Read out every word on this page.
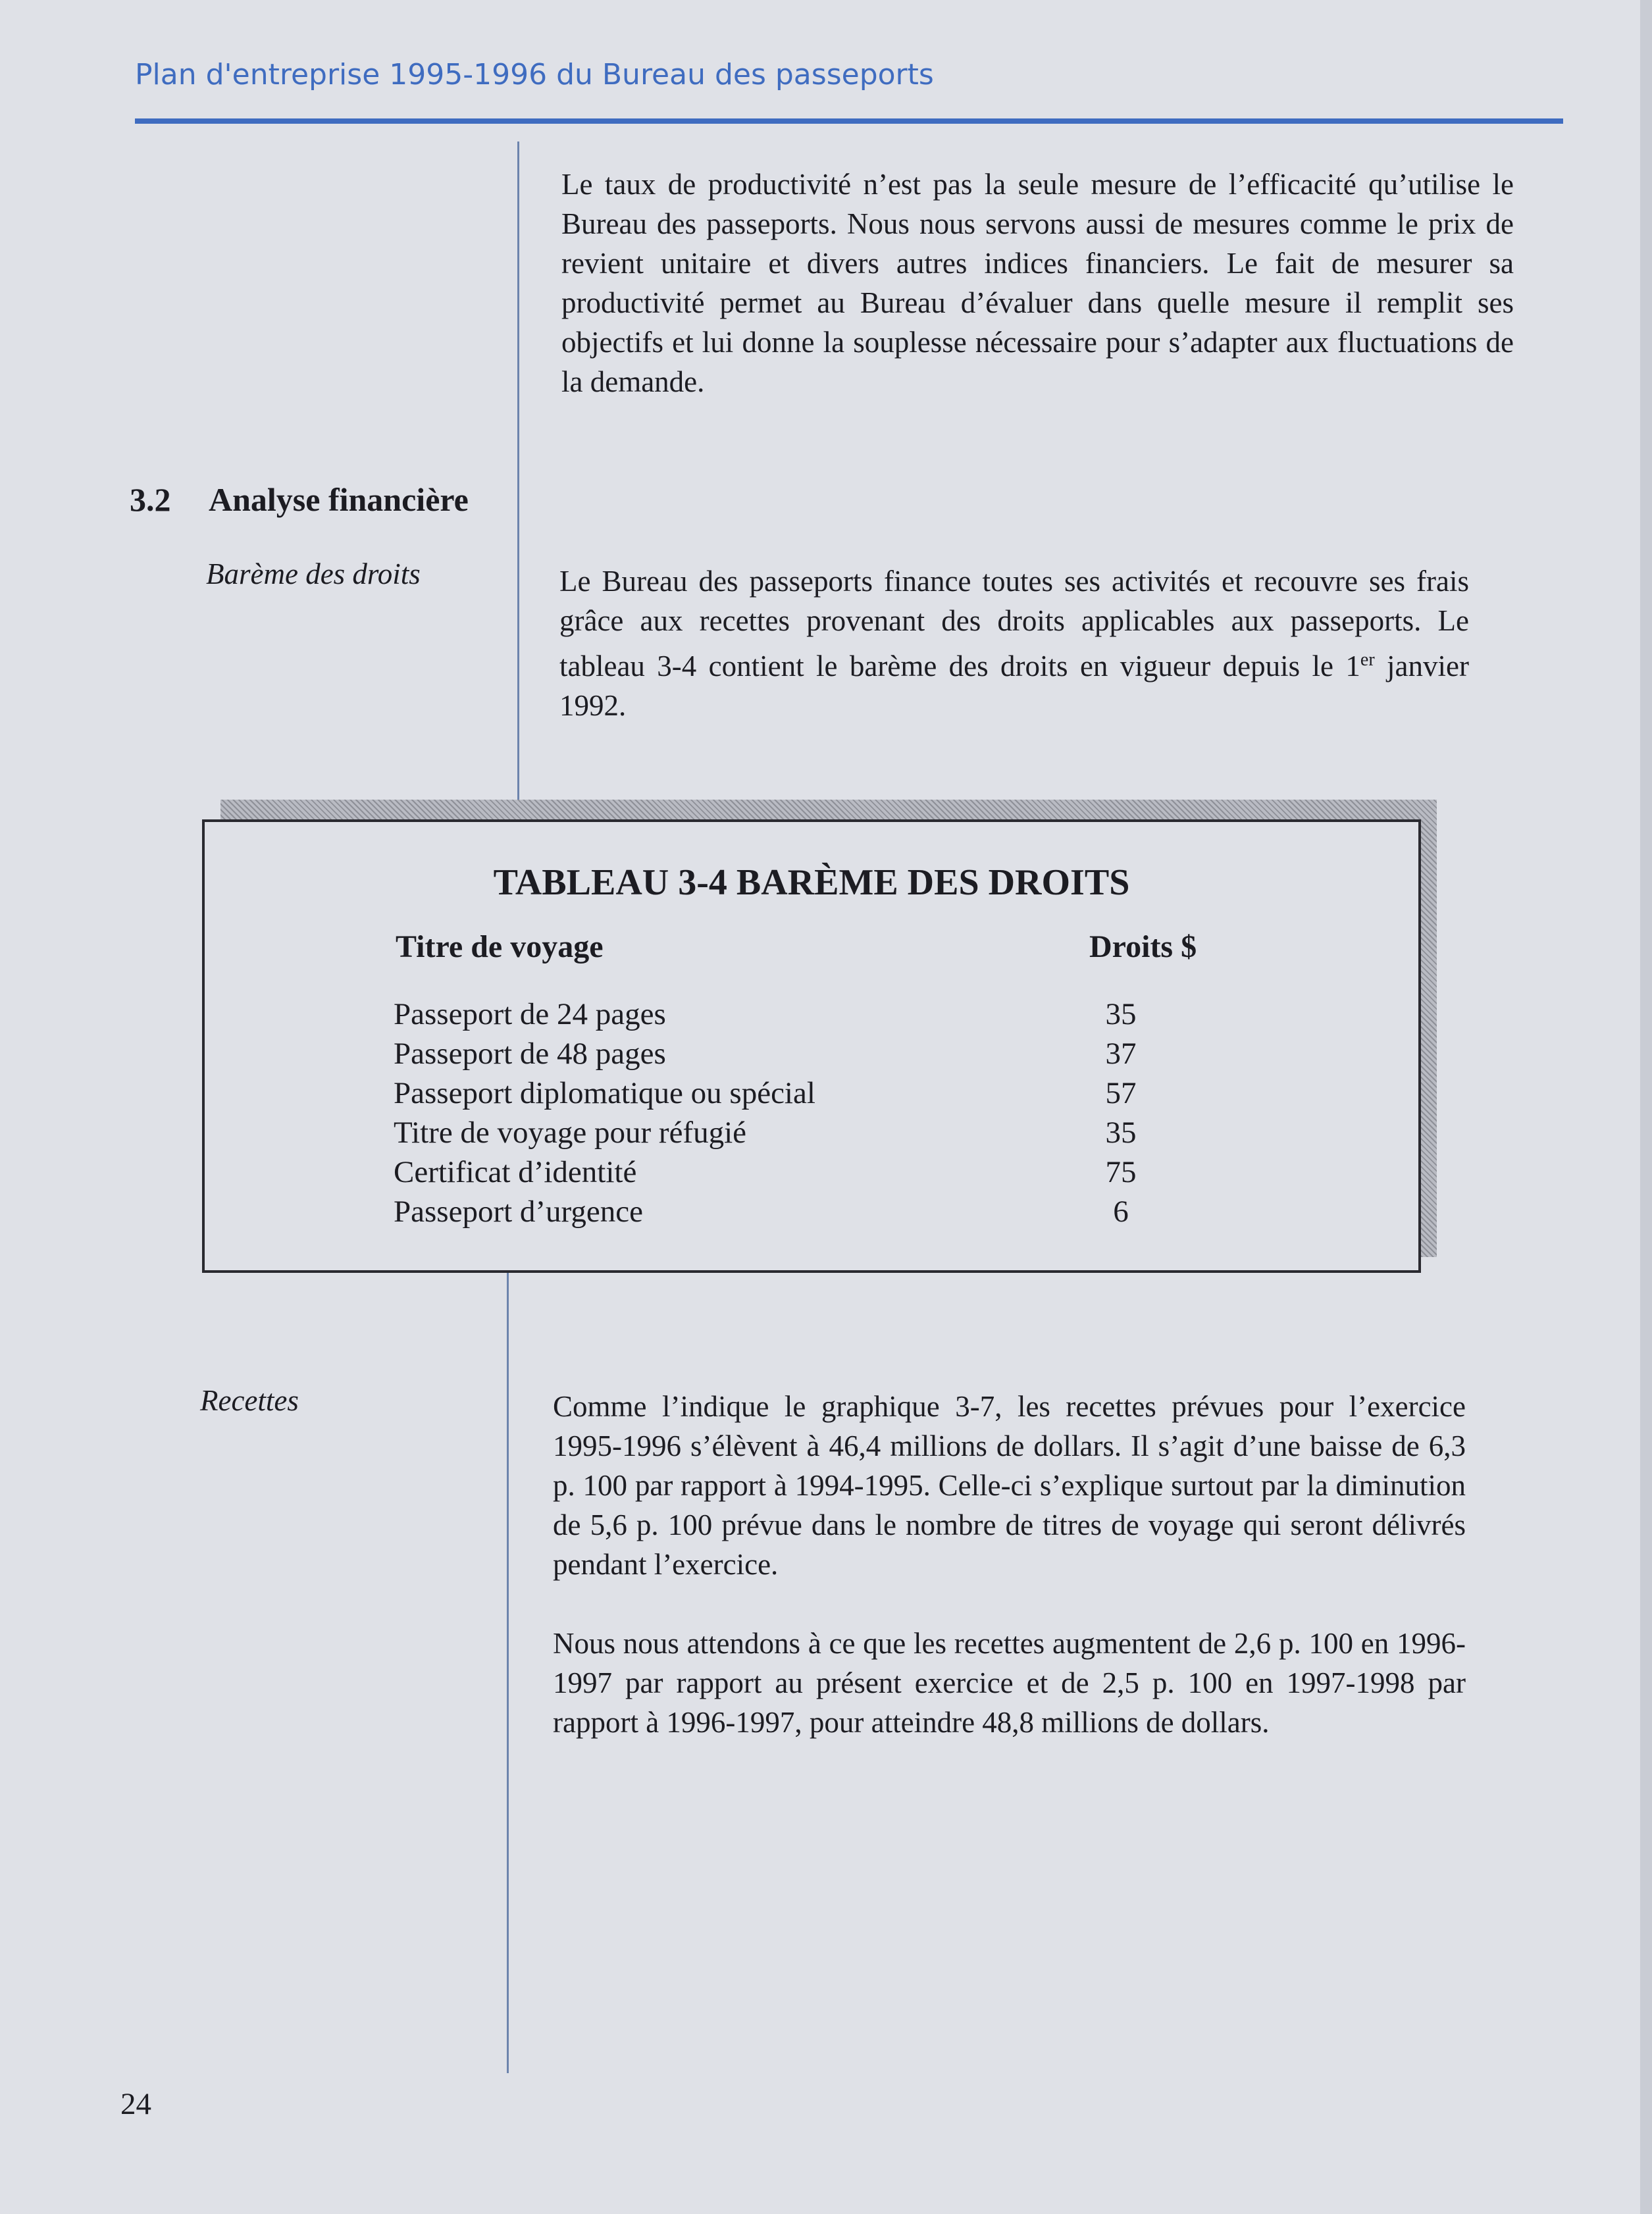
Plan d'entreprise 1995-1996 du Bureau des passeports

Le taux de productivité n’est pas la seule mesure de l’efficacité qu’utilise le Bureau des passeports. Nous nous servons aussi de mesures comme le prix de revient unitaire et divers autres indices financiers. Le fait de mesurer sa productivité permet au Bureau d’évaluer dans quelle mesure il remplit ses objectifs et lui donne la souplesse nécessaire pour s’adapter aux fluctuations de la demande.

3.2 Analyse financière
Barème des droits	Le Bureau des passeports finance toutes ses activités et recouvre ses frais grâce aux recettes provenant des droits applicables aux passeports. Le tableau 3-4 contient le barème des droits en vigueur depuis le 1er janvier 1992.

TABLEAU 3-4 BARÈME DES DROITS
Titre de voyage	Droits $
Passeport de 24 pages	35
Passeport de 48 pages	37
Passeport diplomatique ou spécial	57
Titre de voyage pour réfugié	35
Certificat d’identité	75
Passeport d’urgence	6
Recettes	Comme l’indique le graphique 3-7, les recettes prévues pour l’exercice 1995-1996 s’élèvent à 46,4 millions de dollars. Il s’agit d’une baisse de 6,3 p. 100 par rapport à 1994-1995. Celle-ci s’explique surtout par la diminution de 5,6 p. 100 prévue dans le nombre de titres de voyage qui seront délivrés pendant l’exercice.

Nous nous attendons à ce que les recettes augmentent de 2,6 p. 100 en 1996-1997 par rapport au présent exercice et de 2,5 p. 100 en 1997-1998 par rapport à 1996-1997, pour atteindre 48,8 millions de dollars.

24
